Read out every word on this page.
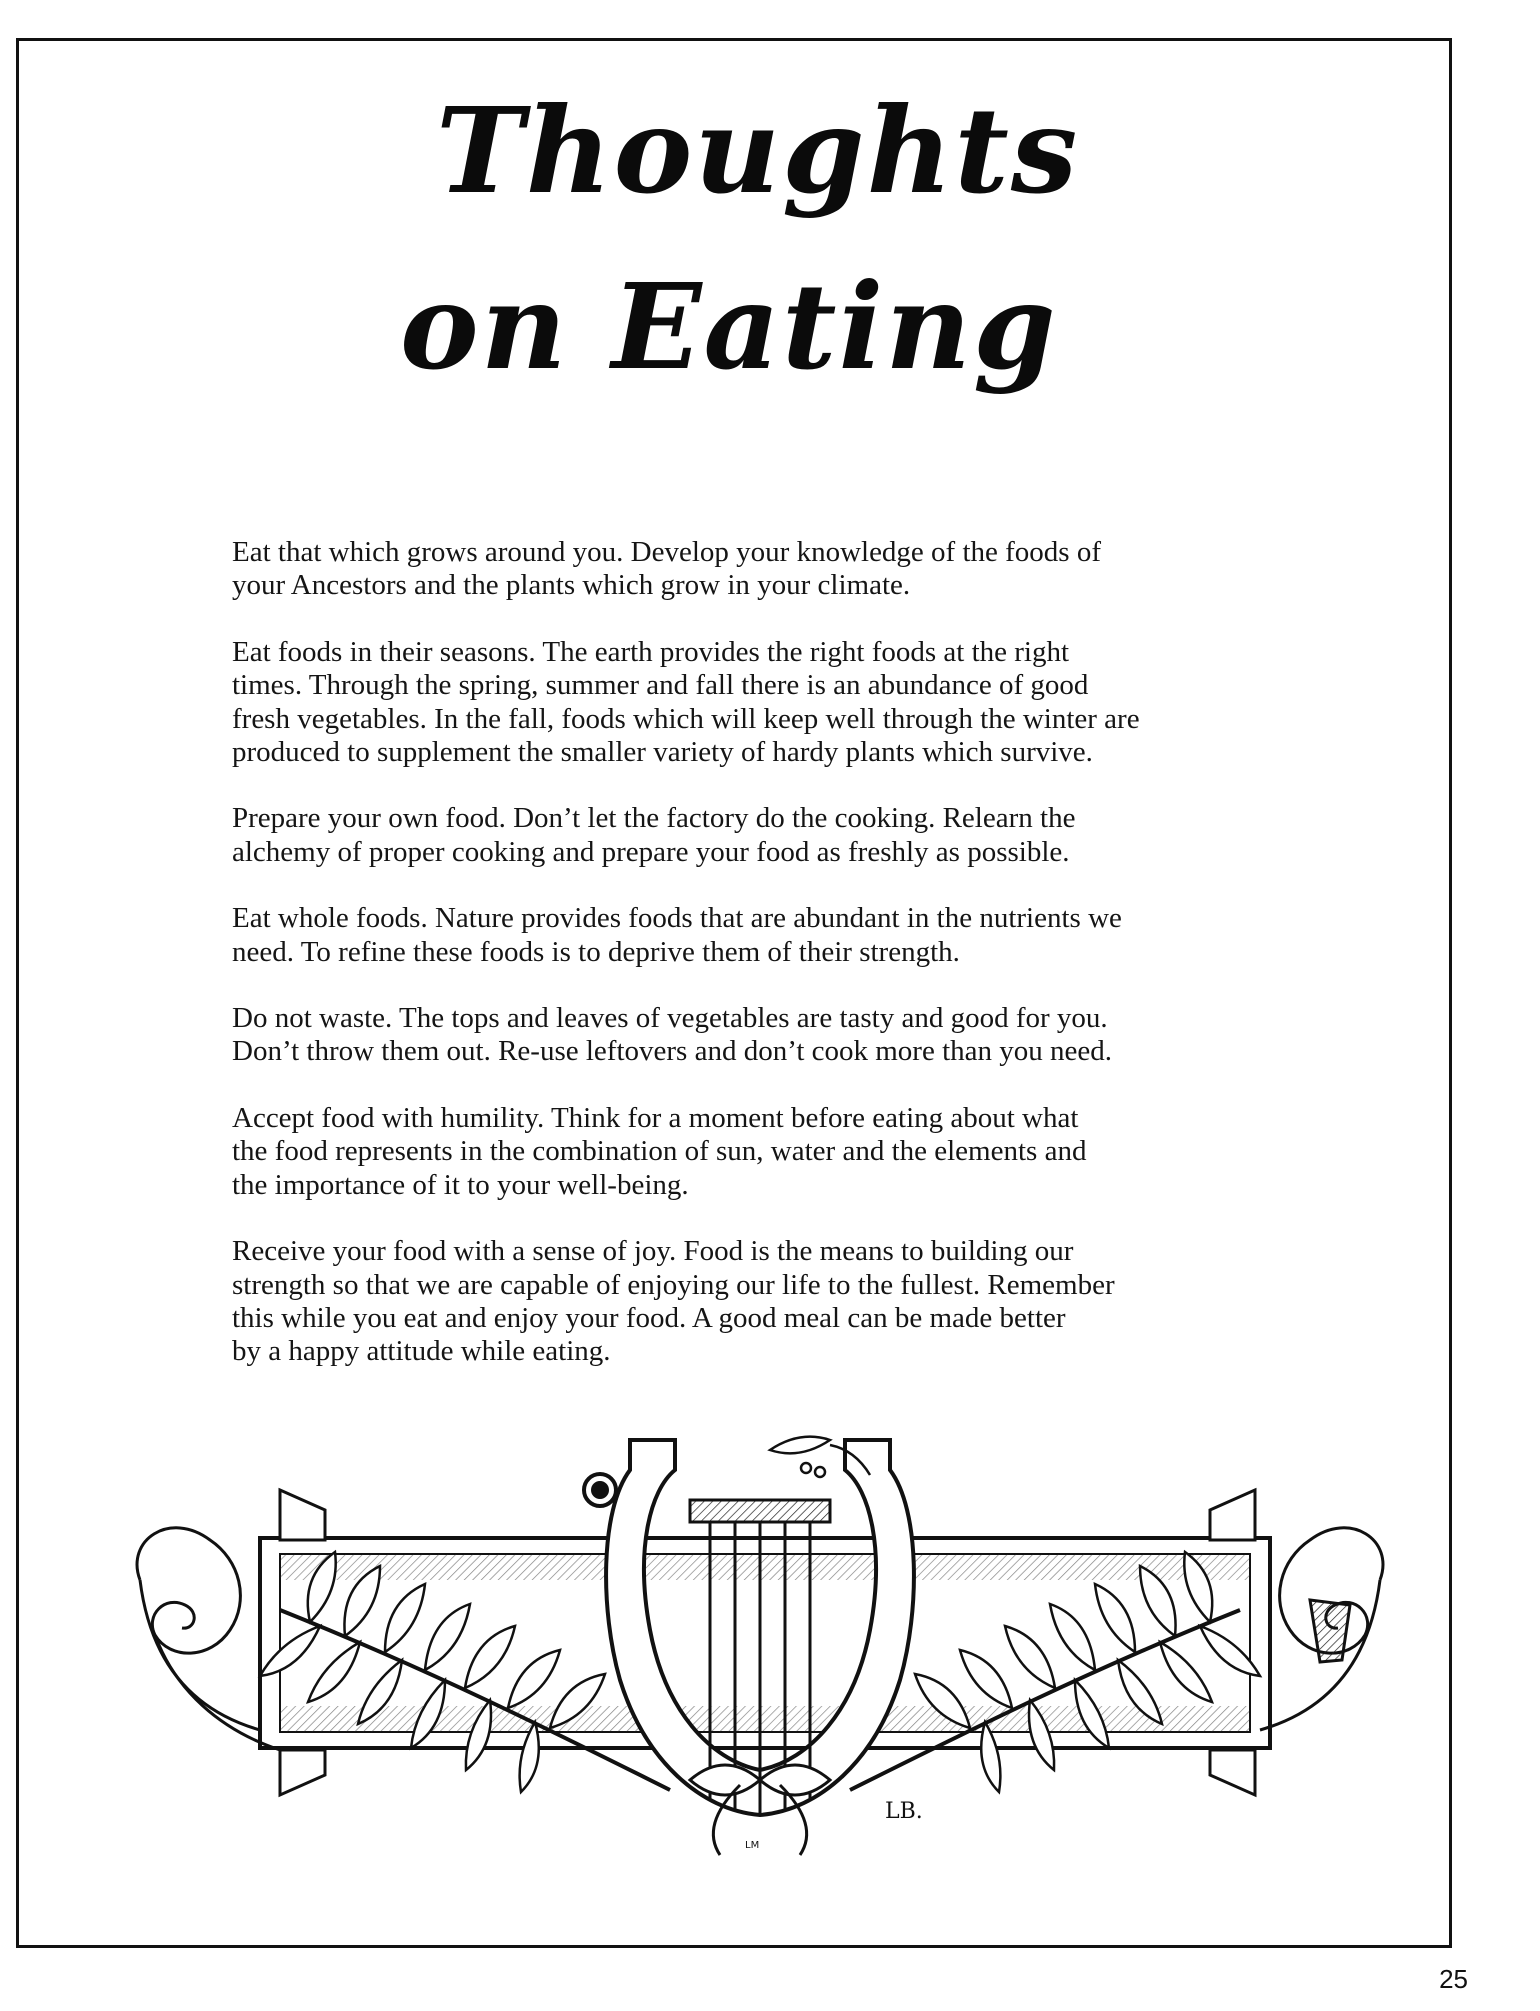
Thoughts
on Eating

Eat that which grows around you. Develop your knowledge of the foods of
your Ancestors and the plants which grow in your climate.

Eat foods in their seasons. The earth provides the right foods at the right
times. Through the spring, summer and fall there is an abundance of good
fresh vegetables. In the fall, foods which will keep well through the winter are
produced to supplement the smaller variety of hardy plants which survive.

Prepare your own food. Don’t let the factory do the cooking. Relearn the
alchemy of proper cooking and prepare your food as freshly as possible.

Eat whole foods. Nature provides foods that are abundant in the nutrients we
need. To refine these foods is to deprive them of their strength.

Do not waste. The tops and leaves of vegetables are tasty and good for you.
Don’t throw them out. Re-use leftovers and don’t cook more than you need.

Accept food with humility. Think for a moment before eating about what
the food represents in the combination of sun, water and the elements and
the importance of it to your well-being.

Receive your food with a sense of joy. Food is the means to building our
strength so that we are capable of enjoying our life to the fullest. Remember
this while you eat and enjoy your food. A good meal can be made better
by a happy attitude while eating.

LB.
LM
25
